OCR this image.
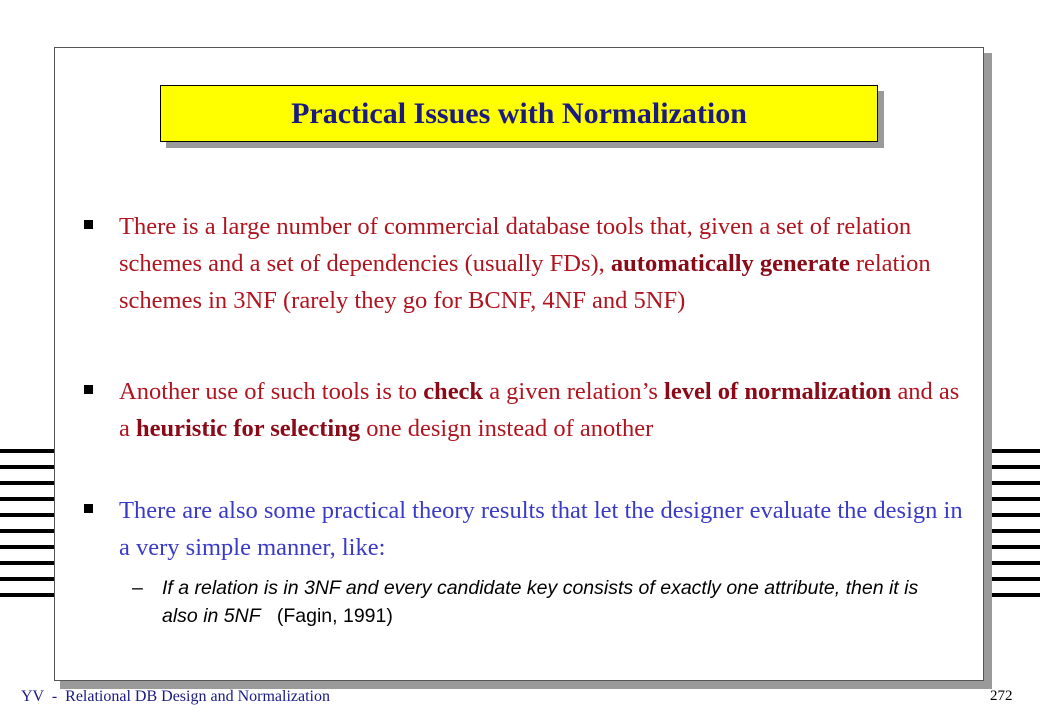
Practical Issues with Normalization
There is a large number of commercial database tools that, given a set of relation schemes and a set of dependencies (usually FDs), automatically generate relation schemes in 3NF (rarely they go for BCNF, 4NF and 5NF)
Another use of such tools is to check a given relation’s level of normalization and as a heuristic for selecting one design instead of another
There are also some practical theory results that let the designer evaluate the design in a very simple manner, like:
– If a relation is in 3NF and every candidate key consists of exactly one attribute, then it is also in 5NF   (Fagin, 1991)
YV  -  Relational DB Design and Normalization	272
